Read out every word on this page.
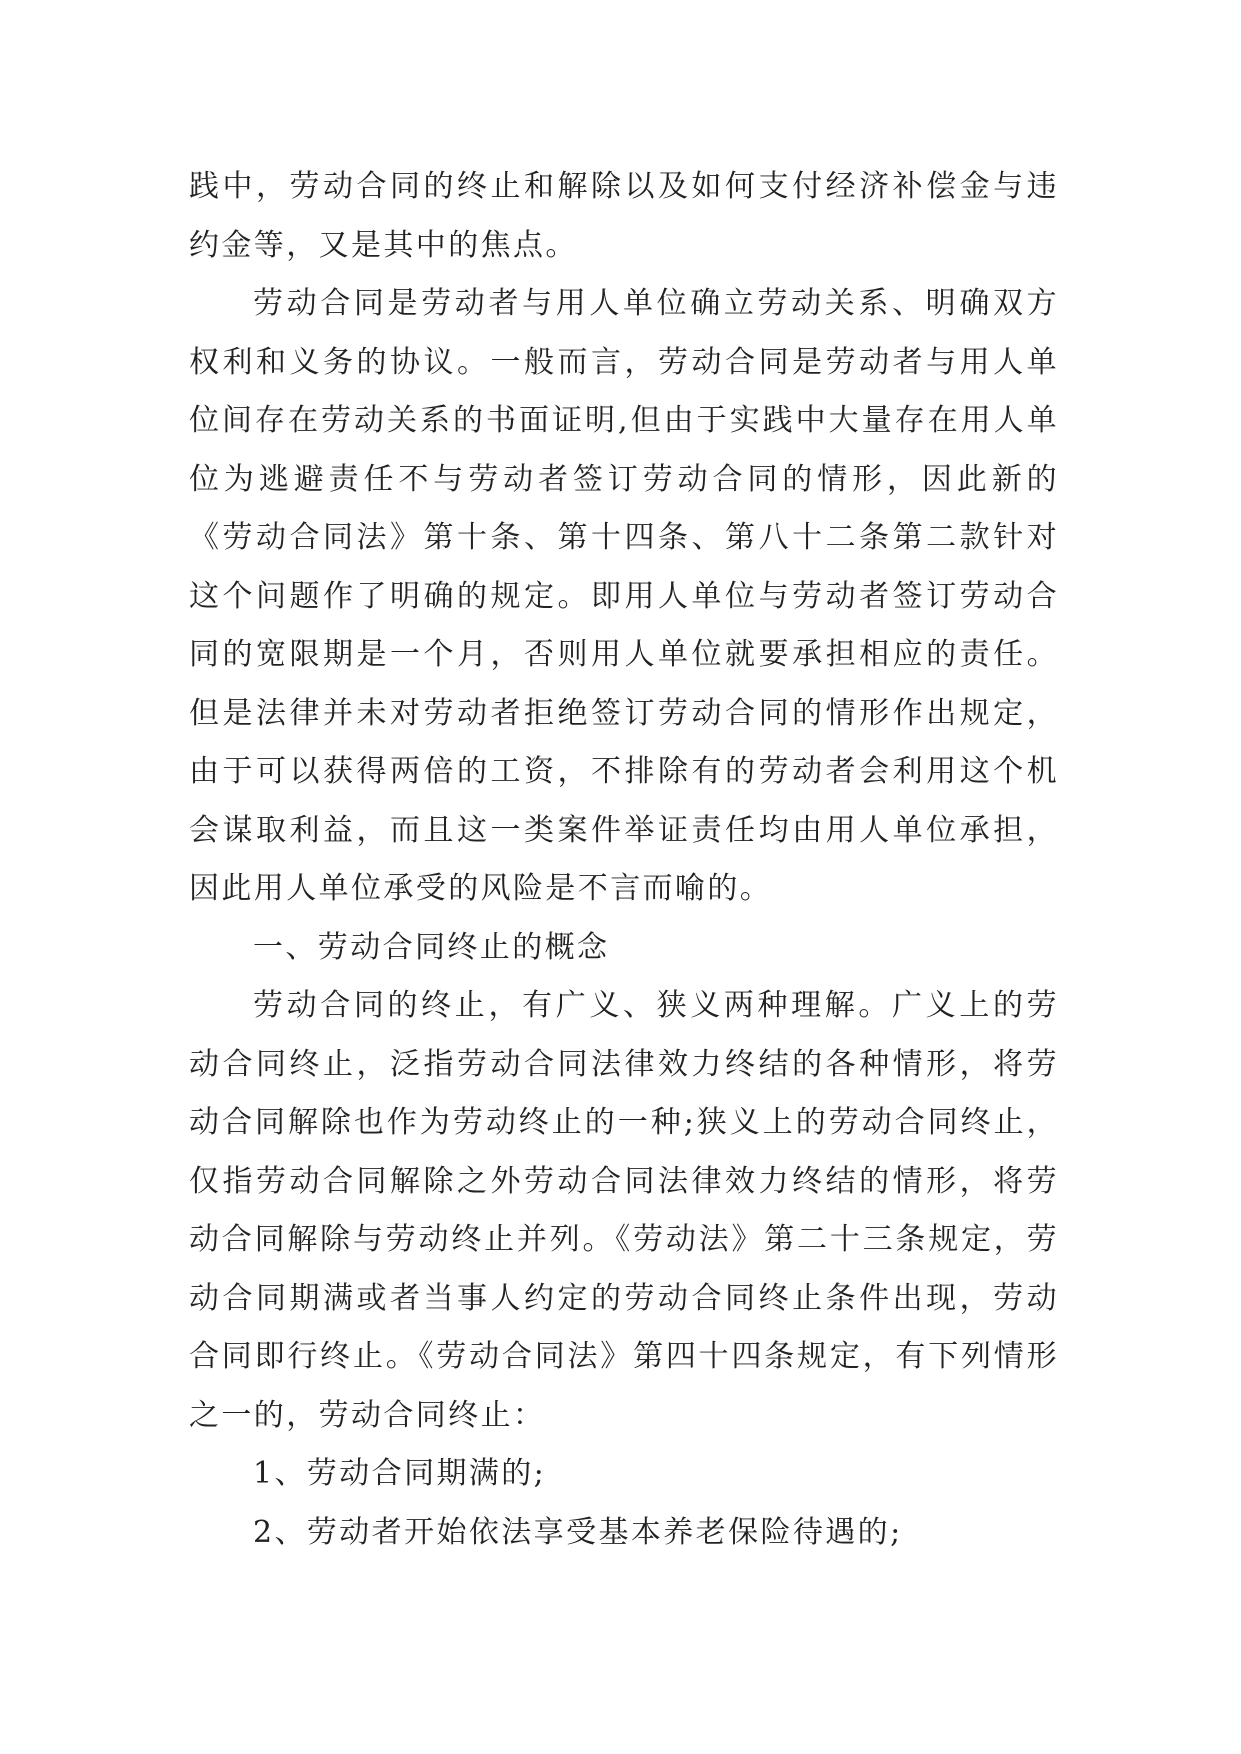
践中，劳动合同的终止和解除以及如何支付经济补偿金与违约金等，又是其中的焦点。

劳动合同是劳动者与用人单位确立劳动关系、明确双方权利和义务的协议。一般而言，劳动合同是劳动者与用人单位间存在劳动关系的书面证明,但由于实践中大量存在用人单位为逃避责任不与劳动者签订劳动合同的情形，因此新的《劳动合同法》第十条、第十四条、第八十二条第二款针对这个问题作了明确的规定。即用人单位与劳动者签订劳动合同的宽限期是一个月，否则用人单位就要承担相应的责任。但是法律并未对劳动者拒绝签订劳动合同的情形作出规定，由于可以获得两倍的工资，不排除有的劳动者会利用这个机会谋取利益，而且这一类案件举证责任均由用人单位承担，因此用人单位承受的风险是不言而喻的。

一、劳动合同终止的概念

劳动合同的终止，有广义、狭义两种理解。广义上的劳动合同终止，泛指劳动合同法律效力终结的各种情形，将劳动合同解除也作为劳动终止的一种;狭义上的劳动合同终止，仅指劳动合同解除之外劳动合同法律效力终结的情形，将劳动合同解除与劳动终止并列。《劳动法》第二十三条规定，劳动合同期满或者当事人约定的劳动合同终止条件出现，劳动合同即行终止。《劳动合同法》第四十四条规定，有下列情形之一的，劳动合同终止：

1、劳动合同期满的;

2、劳动者开始依法享受基本养老保险待遇的;
